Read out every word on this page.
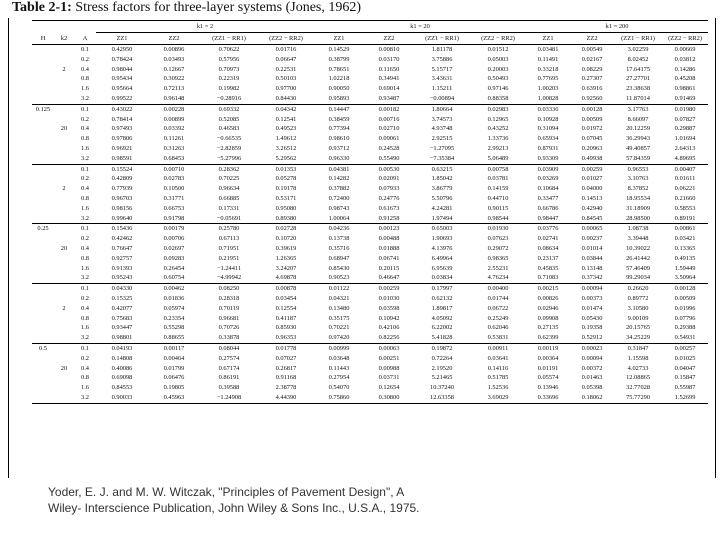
Table 2-1: Stress factors for three-layer systems (Jones, 1962)
			k1 = 2				k1 = 20				k1 = 200			
H	k2	A	ZZ1	ZZ2	(ZZ1 − RR1)	(ZZ2 − RR2)	ZZ1	ZZ2	(ZZ1 − RR1)	(ZZ2 − RR2)	ZZ1	ZZ2	(ZZ1 − RR1)	(ZZ2 − RR2)
		0.1	0.42950	0.00896	0.70622	0.01716	0.14529	0.00810	1.81178	0.01512	0.03481	0.00549	3.02259	0.00669
		0.2	0.78424	0.03493	0.57956	0.06647	0.38799	0.03170	3.75886	0.05003	0.11491	0.02167	8.02452	0.03812
	2	0.4	0.98044	0.12667	0.70973	0.22531	0.78651	0.11650	5.15717	0.20003	0.33218	0.08229	17.64175	0.14286
		0.8	0.95434	0.30922	0.22319	0.50103	1.02218	0.34941	3.43631	0.50493	0.77695	0.27307	27.27701	0.45208
		1.6	0.95664	0.72113	0.19982	0.97700	0.90050	0.69014	1.15211	0.97146	1.00203	0.63916	23.38638	0.98861
		3.2	0.99522	0.96148	−0.28916	0.84430	0.95893	0.93487	−0.00894	0.88358	1.00828	0.92560	11.87014	0.91469
0.125		0.1	0.43022	0.00228	0.69332	0.04342	0.14447	0.00182	1.80664	0.02983	0.03336	0.00128	3.17763	0.01980
		0.2	0.78414	0.00899	0.52085	0.12541	0.38459	0.00716	3.74573	0.12965	0.10928	0.00509	8.66097	0.07827
	20	0.4	0.97493	0.03392	0.46583	0.49523	0.77394	0.02710	4.93748	0.43252	0.31094	0.01972	20.12259	0.29887
		0.8	0.97806	0.11261	−0.66535	1.49612	0.98610	0.09061	2.92515	1.33736	0.65934	0.07045	36.29943	1.01694
		1.6	0.96921	0.31263	−2.82859	3.26512	0.93712	0.24528	−1.27095	2.99213	0.87931	0.20963	49.40857	2.64313
		3.2	0.98591	0.68453	−5.27996	5.29562	0.96330	0.55490	−7.35384	5.06489	0.93309	0.49938	57.84359	4.89695
		0.1	0.15524	0.00710	0.28362	0.01353	0.04381	0.00530	0.63215	0.00758	0.03909	0.00259	0.96553	0.00407
		0.2	0.42809	0.02783	0.70225	0.05278	0.14282	0.02091	1.85042	0.03781	0.03269	0.01027	3.10763	0.01611
	2	0.4	0.77939	0.10500	0.96634	0.19178	0.37882	0.07933	3.86779	0.14159	0.10684	0.04000	8.37852	0.06221
		0.8	0.96703	0.31771	0.66885	0.53171	0.72400	0.24776	5.50796	0.44710	0.33477	0.14513	18.95534	0.21660
		1.6	0.98156	0.66753	0.17331	0.95080	0.98743	0.61673	4.24281	0.90115	0.66786	0.42940	31.18909	0.58553
		3.2	0.99640	0.91798	−0.05691	0.89380	1.00064	0.91258	1.97494	0.98544	0.98447	0.84545	28.98500	0.89191
0.25		0.1	0.15436	0.00179	0.25780	0.02728	0.04236	0.00123	0.65003	0.01930	0.03776	0.00065	1.08738	0.00861
		0.2	0.42462	0.00706	0.67113	0.10720	0.13738	0.00488	1.90693	0.07623	0.02741	0.00237	3.39448	0.03421
	20	0.4	0.76647	0.02697	0.71951	0.39619	0.35716	0.01888	4.13976	0.29072	0.08634	0.01014	10.39022	0.13365
		0.8	0.92757	0.09283	0.21951	1.26365	0.68947	0.06741	6.49964	0.98365	0.23137	0.03844	26.41442	0.49135
		1.6	0.91393	0.26454	−1.24411	3.24207	0.85430	0.20115	6.95639	2.55231	0.45835	0.13148	57.46409	1.59449
		3.2	0.95243	0.60754	−4.99942	4.69878	0.90523	0.46647	0.03834	4.76234	0.71083	0.37342	99.29034	3.50964
		0.1	0.04330	0.00462	0.08250	0.00878	0.01122	0.00259	0.17997	0.00400	0.00215	0.00094	0.26620	0.00128
		0.2	0.15325	0.01836	0.28318	0.03454	0.04321	0.01030	0.62132	0.01744	0.00826	0.00373	0.89772	0.00509
	2	0.4	0.42077	0.05974	0.70119	0.12554	0.13480	0.03598	1.89817	0.06722	0.02946	0.01474	3.10580	0.01996
		0.8	0.75683	0.23354	0.96681	0.41187	0.35175	0.10942	4.05092	0.25249	0.09908	0.05430	9.00109	0.07796
		1.6	0.93447	0.55298	0.70726	0.85930	0.70221	0.42106	6.22002	0.62046	0.27135	0.19358	20.15765	0.29388
		3.2	0.98801	0.88655	0.33878	0.96353	0.97420	0.82256	5.41828	0.53831	0.62399	0.52912	34.25229	0.54931
0.5		0.1	0.04193	0.00117	0.08044	0.01778	0.00999	0.00063	0.19872	0.00911	0.00119	0.00023	0.31847	0.00257
		0.2	0.14808	0.00464	0.27574	0.07027	0.03648	0.00251	0.72264	0.03641	0.00364	0.00094	1.15598	0.01025
	20	0.4	0.40086	0.01799	0.67174	0.26817	0.11443	0.00988	2.19520	0.14116	0.01191	0.00372	4.02733	0.04047
		0.8	0.69098	0.06476	0.86191	0.91168	0.27954	0.03731	5.21465	0.51785	0.05574	0.01463	12.08865	0.15847
		1.6	0.84553	0.19805	0.39588	2.38778	0.54070	0.12654	10.37240	1.52536	0.13946	0.05398	32.77028	0.55987
		3.2	0.90033	0.45963	−1.24908	4.44390	0.75860	0.30800	12.63358	3.69029	0.33696	0.18062	75.77290	1.52699
Yoder, E. J. and M. W. Witczak, "Principles of Pavement Design", A Wiley- Interscience Publication, John Wiley & Sons Inc., U.S.A., 1975.
